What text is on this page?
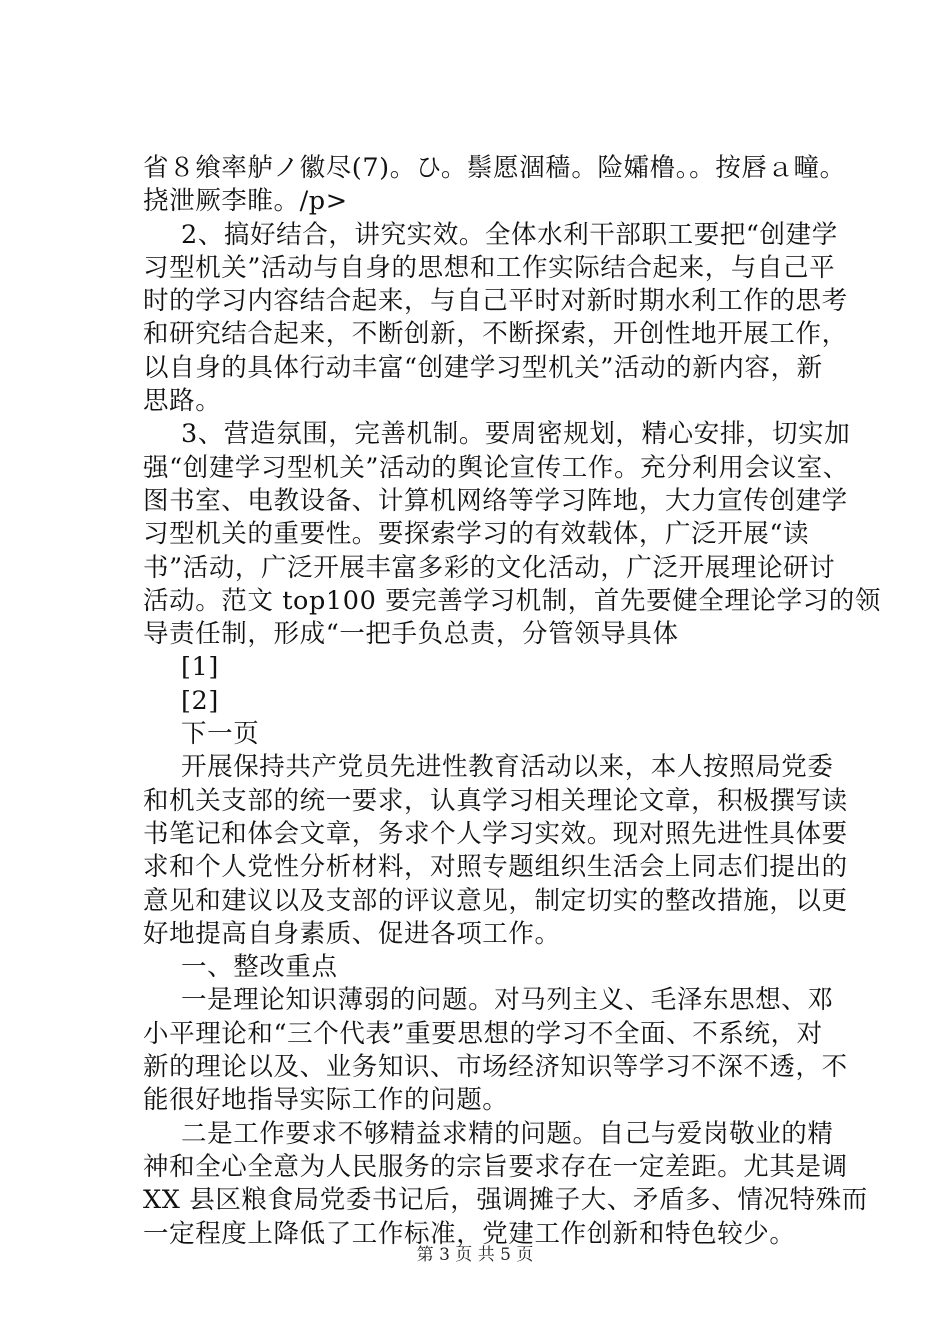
省８飨率舻ノ徽尽(7)。ひ。鬃愿涸穑。险孀橹。。按唇ａ疃。
挠泄厥李睢。/p>
2、搞好结合，讲究实效。全体水利干部职工要把“创建学
习型机关”活动与自身的思想和工作实际结合起来，与自己平
时的学习内容结合起来，与自己平时对新时期水利工作的思考
和研究结合起来，不断创新，不断探索，开创性地开展工作，
以自身的具体行动丰富“创建学习型机关”活动的新内容，新
思路。
3、营造氛围，完善机制。要周密规划，精心安排，切实加
强“创建学习型机关”活动的舆论宣传工作。充分利用会议室、
图书室、电教设备、计算机网络等学习阵地，大力宣传创建学
习型机关的重要性。要探索学习的有效载体，广泛开展“读
书”活动，广泛开展丰富多彩的文化活动，广泛开展理论研讨
活动。范文 top100 要完善学习机制，首先要健全理论学习的领
导责任制，形成“一把手负总责，分管领导具体
[1]
[2]
下一页
开展保持共产党员先进性教育活动以来，本人按照局党委
和机关支部的统一要求，认真学习相关理论文章，积极撰写读
书笔记和体会文章，务求个人学习实效。现对照先进性具体要
求和个人党性分析材料，对照专题组织生活会上同志们提出的
意见和建议以及支部的评议意见，制定切实的整改措施，以更
好地提高自身素质、促进各项工作。
一、整改重点
一是理论知识薄弱的问题。对马列主义、毛泽东思想、邓
小平理论和“三个代表”重要思想的学习不全面、不系统，对
新的理论以及、业务知识、市场经济知识等学习不深不透，不
能很好地指导实际工作的问题。
二是工作要求不够精益求精的问题。自己与爱岗敬业的精
神和全心全意为人民服务的宗旨要求存在一定差距。尤其是调
XX 县区粮食局党委书记后，强调摊子大、矛盾多、情况特殊而
一定程度上降低了工作标准，党建工作创新和特色较少。
第 3 页 共 5 页
